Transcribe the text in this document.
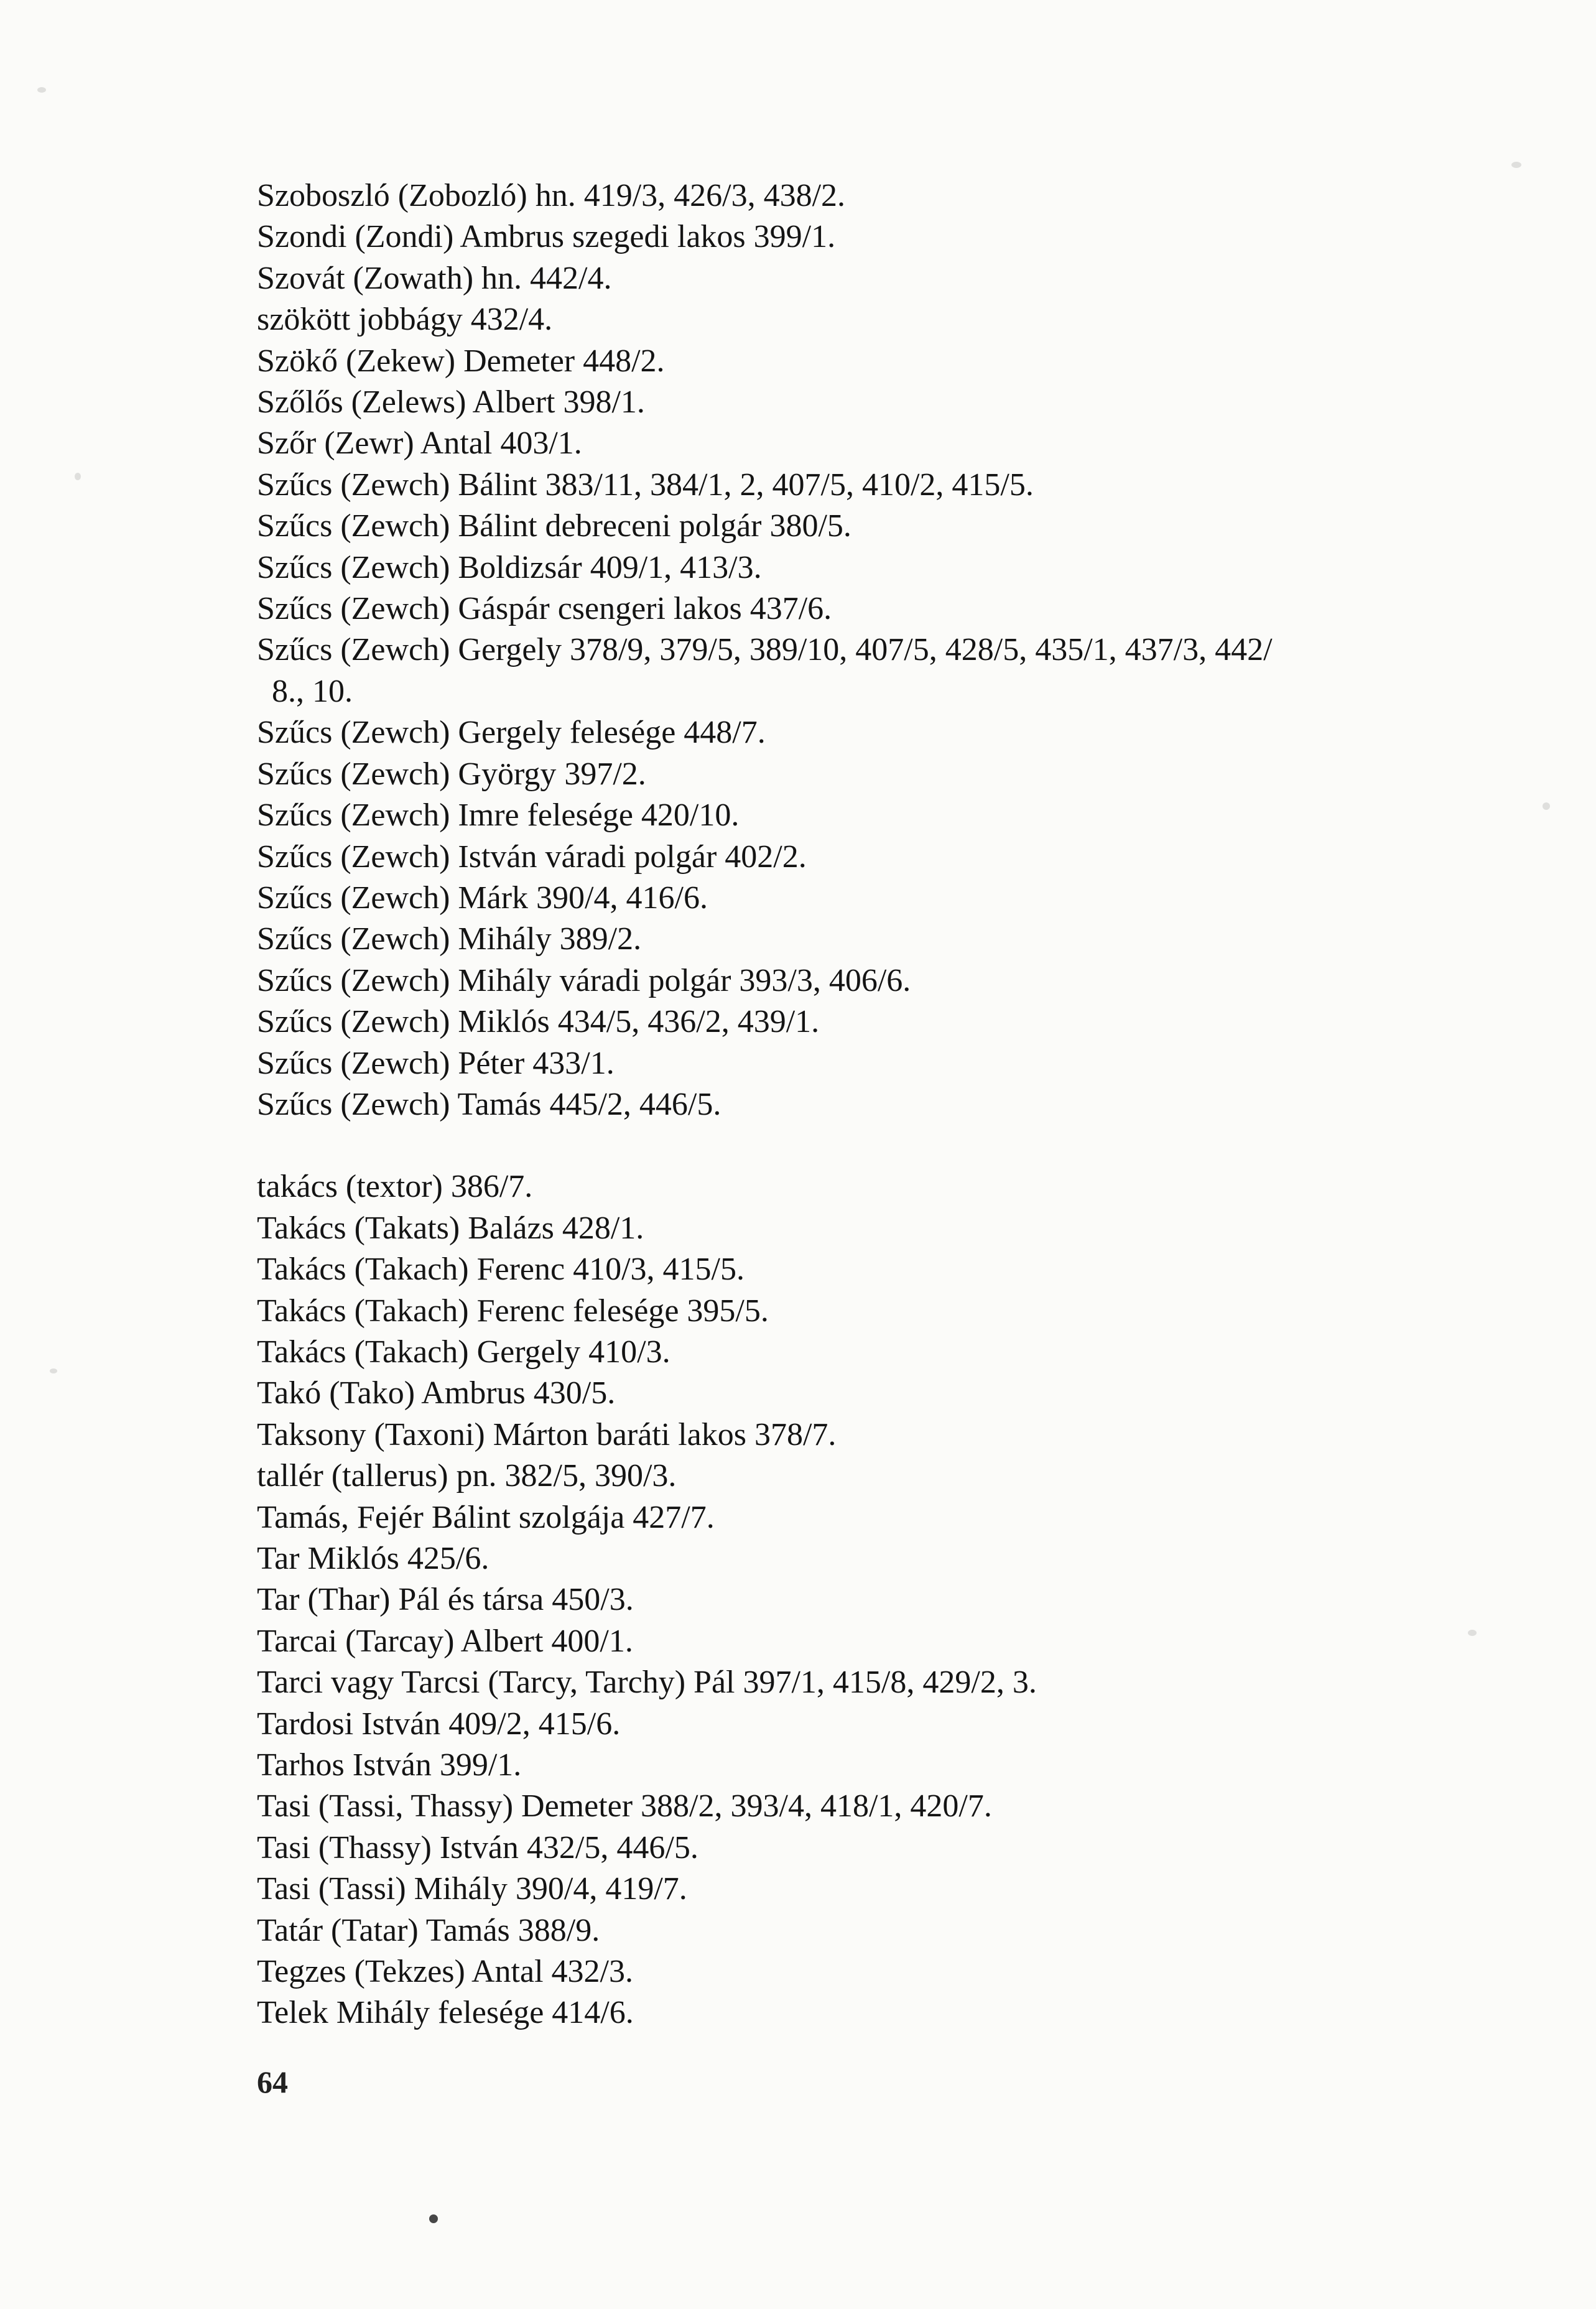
Szoboszló (Zobozló) hn. 419/3, 426/3, 438/2.

Szondi (Zondi) Ambrus szegedi lakos 399/1.

Szovát (Zowath) hn. 442/4.

szökött jobbágy 432/4.

Szökő (Zekew) Demeter 448/2.

Szőlős (Zelews) Albert 398/1.

Szőr (Zewr) Antal 403/1.

Szűcs (Zewch) Bálint 383/11, 384/1, 2, 407/5, 410/2, 415/5.

Szűcs (Zewch) Bálint debreceni polgár 380/5.

Szűcs (Zewch) Boldizsár 409/1, 413/3.

Szűcs (Zewch) Gáspár csengeri lakos 437/6.

Szűcs (Zewch) Gergely 378/9, 379/5, 389/10, 407/5, 428/5, 435/1, 437/3, 442/

8., 10.

Szűcs (Zewch) Gergely felesége 448/7.

Szűcs (Zewch) György 397/2.

Szűcs (Zewch) Imre felesége 420/10.

Szűcs (Zewch) István váradi polgár 402/2.

Szűcs (Zewch) Márk 390/4, 416/6.

Szűcs (Zewch) Mihály 389/2.

Szűcs (Zewch) Mihály váradi polgár 393/3, 406/6.

Szűcs (Zewch) Miklós 434/5, 436/2, 439/1.

Szűcs (Zewch) Péter 433/1.

Szűcs (Zewch) Tamás 445/2, 446/5.

takács (textor) 386/7.

Takács (Takats) Balázs 428/1.

Takács (Takach) Ferenc 410/3, 415/5.

Takács (Takach) Ferenc felesége 395/5.

Takács (Takach) Gergely 410/3.

Takó (Tako) Ambrus 430/5.

Taksony (Taxoni) Márton baráti lakos 378/7.

tallér (tallerus) pn. 382/5, 390/3.

Tamás, Fejér Bálint szolgája 427/7.

Tar Miklós 425/6.

Tar (Thar) Pál és társa 450/3.

Tarcai (Tarcay) Albert 400/1.

Tarci vagy Tarcsi (Tarcy, Tarchy) Pál 397/1, 415/8, 429/2, 3.

Tardosi István 409/2, 415/6.

Tarhos István 399/1.

Tasi (Tassi, Thassy) Demeter 388/2, 393/4, 418/1, 420/7.

Tasi (Thassy) István 432/5, 446/5.

Tasi (Tassi) Mihály 390/4, 419/7.

Tatár (Tatar) Tamás 388/9.

Tegzes (Tekzes) Antal 432/3.

Telek Mihály felesége 414/6.

64
